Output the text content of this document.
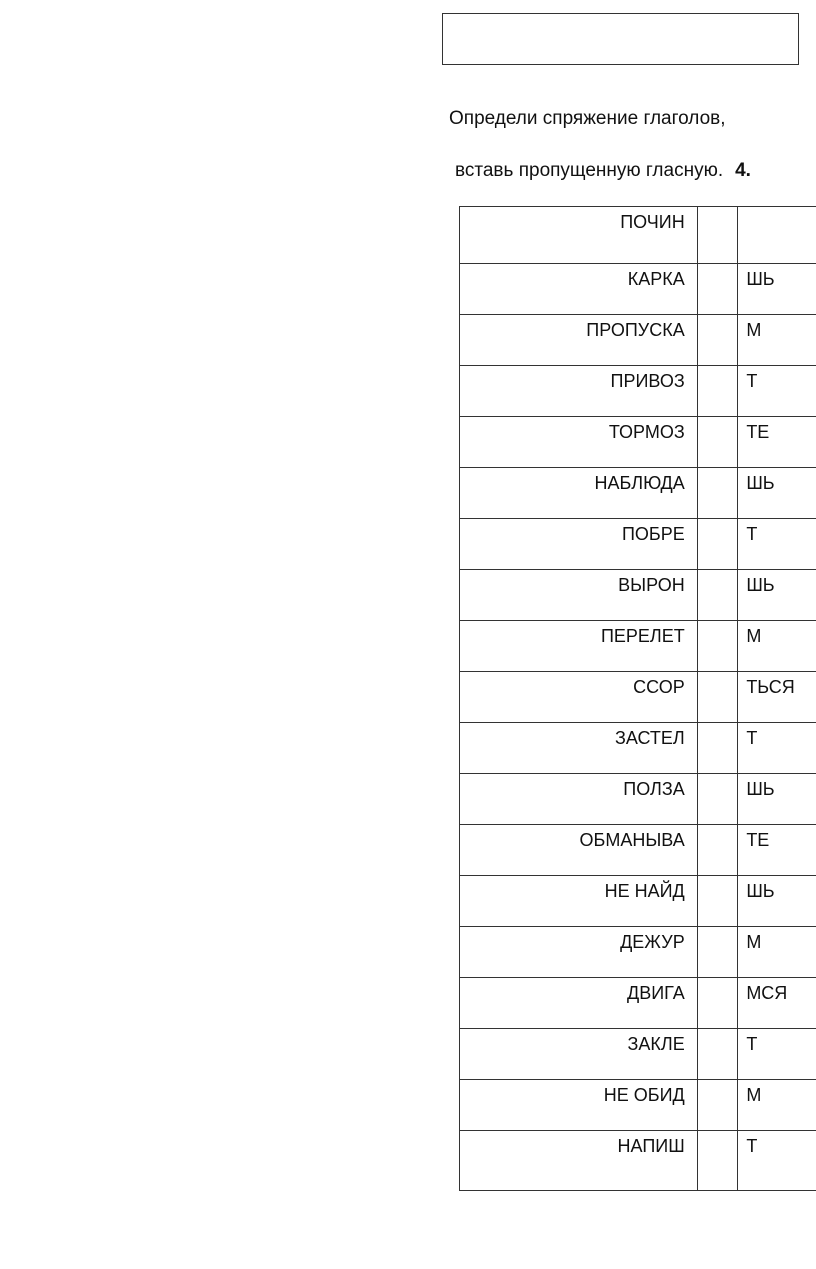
Определи спряжение глаголов,
вставь пропущенную гласную. 4.
ПОЧИН		
КАРКА		ШЬ
ПРОПУСКА		М
ПРИВОЗ		Т
ТОРМОЗ		ТЕ
НАБЛЮДА		ШЬ
ПОБРЕ		Т
ВЫРОН		ШЬ
ПЕРЕЛЕТ		М
ССОР		ТЬСЯ
ЗАСТЕЛ		Т
ПОЛЗА		ШЬ
ОБМАНЫВА		ТЕ
НЕ НАЙД		ШЬ
ДЕЖУР		М
ДВИГА		МСЯ
ЗАКЛЕ		Т
НЕ ОБИД		М
НАПИШ		Т
